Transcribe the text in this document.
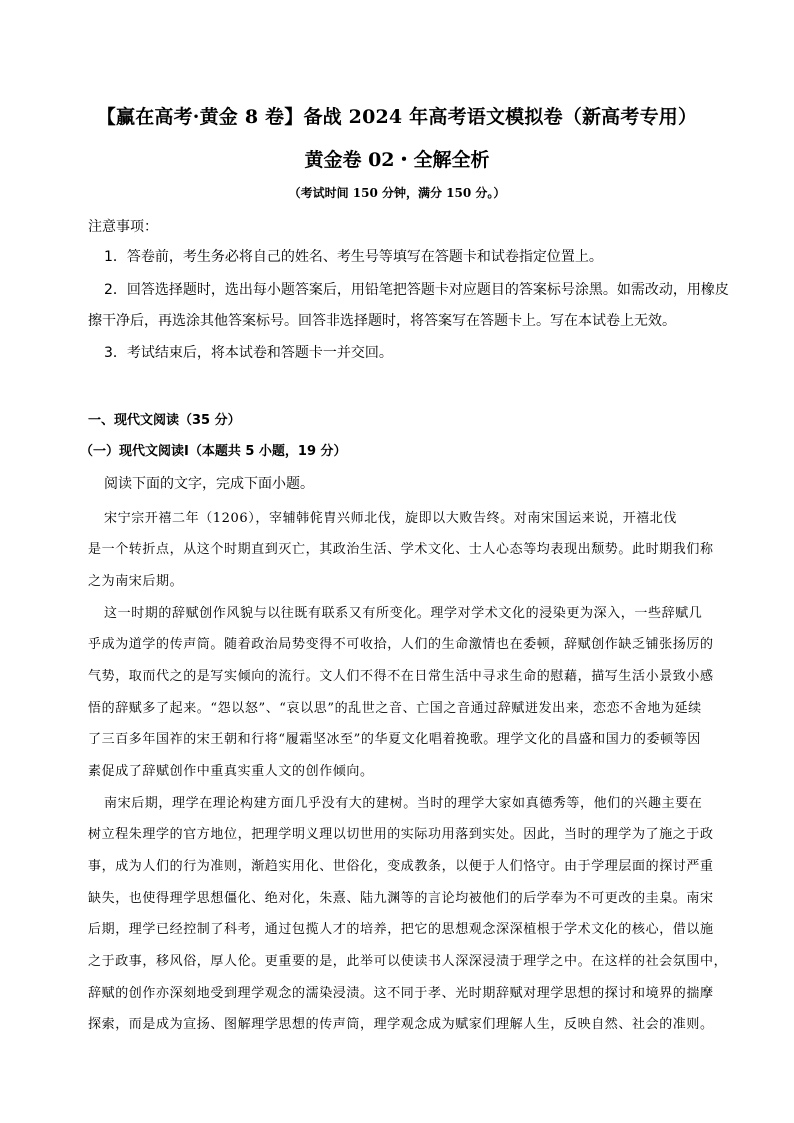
【赢在高考·黄金 8 卷】备战 2024 年高考语文模拟卷（新高考专用）
黄金卷 02・全解全析
（考试时间 150 分钟，满分 150 分。）
注意事项：
1．答卷前，考生务必将自己的姓名、考生号等填写在答题卡和试卷指定位置上。
2．回答选择题时，选出每小题答案后，用铅笔把答题卡对应题目的答案标号涂黑。如需改动，用橡皮
擦干净后，再选涂其他答案标号。回答非选择题时，将答案写在答题卡上。写在本试卷上无效。
3．考试结束后，将本试卷和答题卡一并交回。
一、现代文阅读（35 分）
（一）现代文阅读Ⅰ（本题共 5 小题，19 分）
阅读下面的文字，完成下面小题。
宋宁宗开禧二年（1206），宰辅韩侂胄兴师北伐，旋即以大败告终。对南宋国运来说，开禧北伐
是一个转折点，从这个时期直到灭亡，其政治生活、学术文化、士人心态等均表现出颓势。此时期我们称
之为南宋后期。
这一时期的辞赋创作风貌与以往既有联系又有所变化。理学对学术文化的浸染更为深入，一些辞赋几
乎成为道学的传声筒。随着政治局势变得不可收拾，人们的生命激情也在委顿，辞赋创作缺乏铺张扬厉的
气势，取而代之的是写实倾向的流行。文人们不得不在日常生活中寻求生命的慰藉，描写生活小景致小感
悟的辞赋多了起来。“怨以怒”、“哀以思”的乱世之音、亡国之音通过辞赋迸发出来，恋恋不舍地为延续
了三百多年国祚的宋王朝和行将“履霜坚冰至”的华夏文化唱着挽歌。理学文化的昌盛和国力的委顿等因
素促成了辞赋创作中重真实重人文的创作倾向。
南宋后期，理学在理论构建方面几乎没有大的建树。当时的理学大家如真德秀等，他们的兴趣主要在
树立程朱理学的官方地位，把理学明义理以切世用的实际功用落到实处。因此，当时的理学为了施之于政
事，成为人们的行为准则，渐趋实用化、世俗化，变成教条，以便于人们恪守。由于学理层面的探讨严重
缺失，也使得理学思想僵化、绝对化，朱熹、陆九渊等的言论均被他们的后学奉为不可更改的圭臬。南宋
后期，理学已经控制了科考，通过包揽人才的培养，把它的思想观念深深植根于学术文化的核心，借以施
之于政事，移风俗，厚人伦。更重要的是，此举可以使读书人深深浸渍于理学之中。在这样的社会氛围中，
辞赋的创作亦深刻地受到理学观念的濡染浸渍。这不同于孝、光时期辞赋对理学思想的探讨和境界的揣摩
探索，而是成为宣扬、图解理学思想的传声筒，理学观念成为赋家们理解人生，反映自然、社会的准则。
